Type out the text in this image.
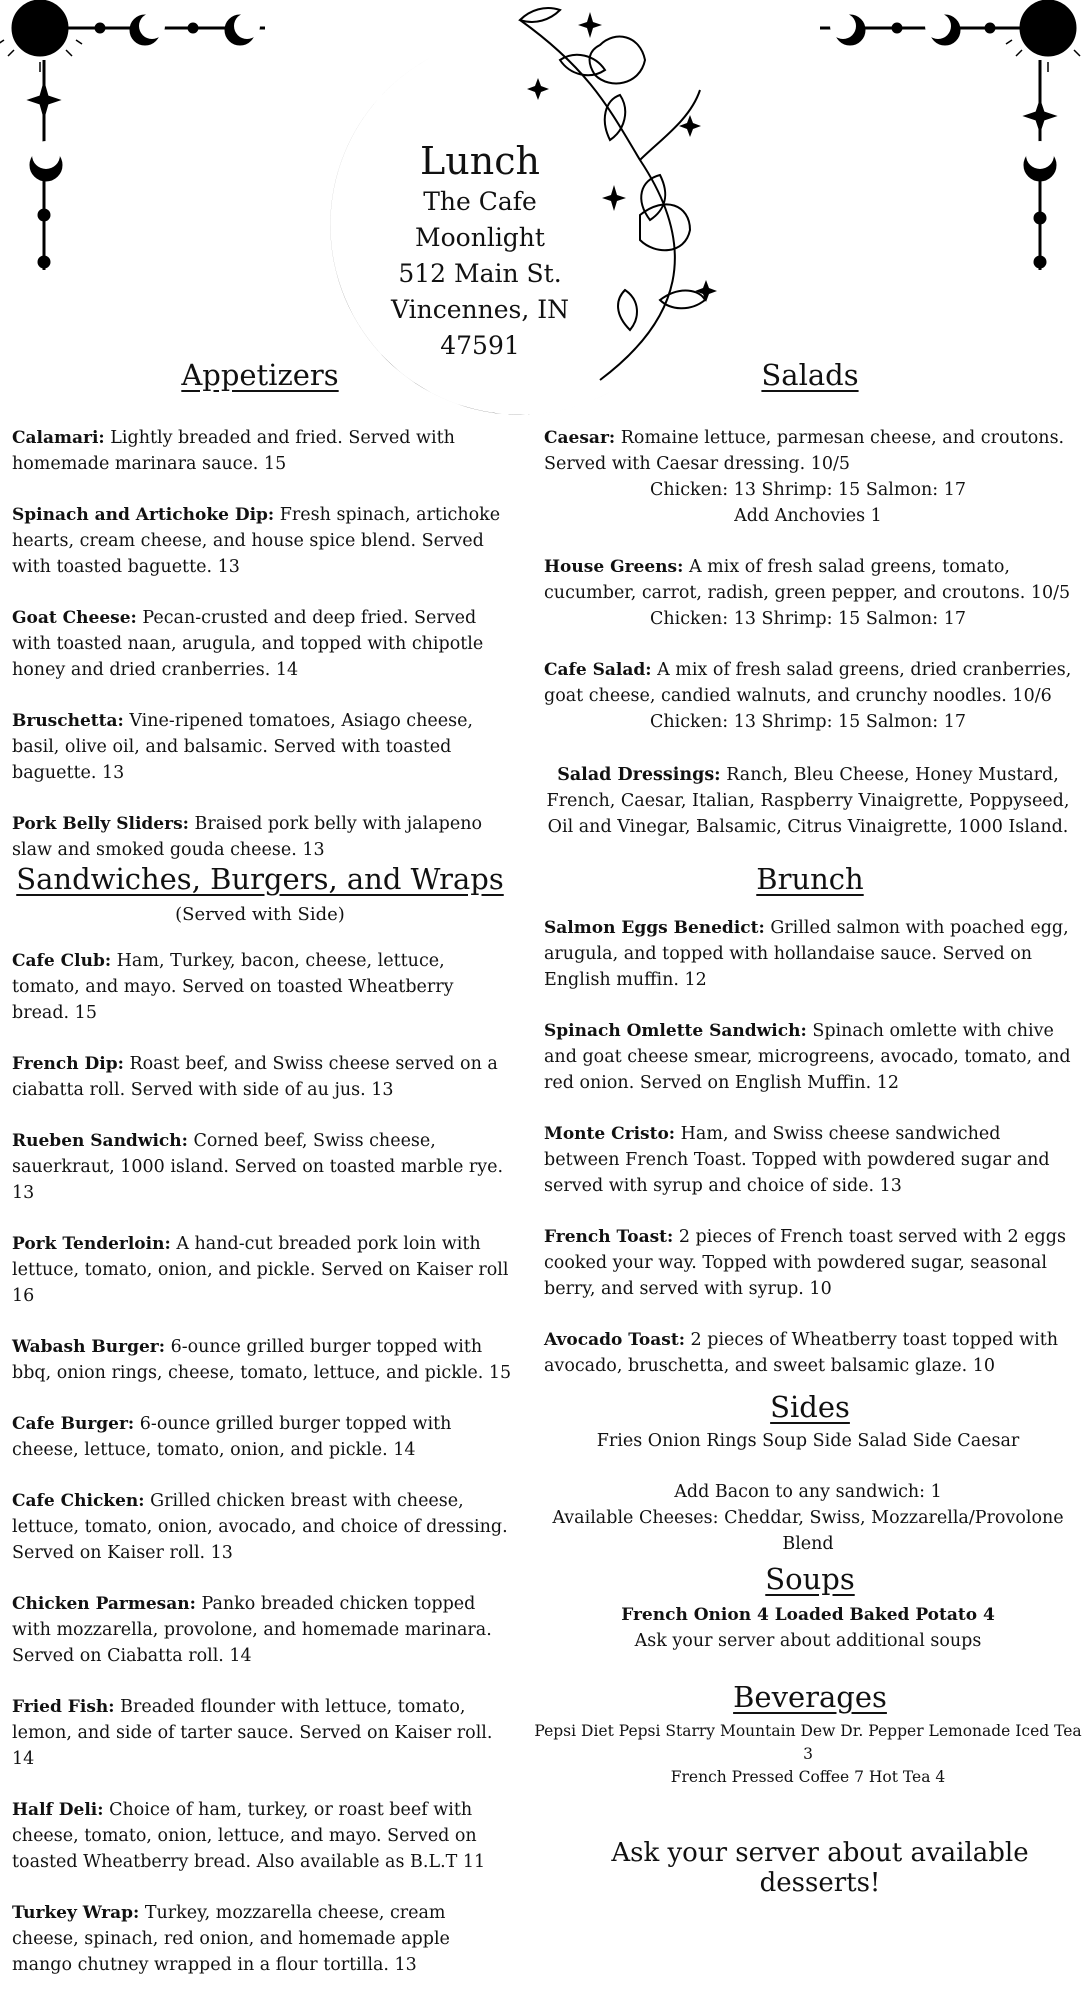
Lunch
The Cafe Moonlight
512 Main St.
Vincennes, IN
47591
Appetizers	Salads
Calamari: Lightly breaded and fried. Served with homemade marinara sauce. 15
Spinach and Artichoke Dip: Fresh spinach, artichoke hearts, cream cheese, and house spice blend. Served with toasted baguette. 13
Goat Cheese: Pecan-crusted and deep fried. Served with toasted naan, arugula, and topped with chipotle honey and dried cranberries. 14
Bruschetta: Vine-ripened tomatoes, Asiago cheese, basil, olive oil, and balsamic. Served with toasted baguette. 13
Pork Belly Sliders: Braised pork belly with jalapeno slaw and smoked gouda cheese. 13
Sandwiches, Burgers, and Wraps
(Served with Side)
Cafe Club: Ham, Turkey, bacon, cheese, lettuce, tomato, and mayo. Served on toasted Wheatberry bread. 15
French Dip: Roast beef, and Swiss cheese served on a ciabatta roll. Served with side of au jus. 13
Rueben Sandwich: Corned beef, Swiss cheese, sauerkraut, 1000 island. Served on toasted marble rye. 13
Pork Tenderloin: A hand-cut breaded pork loin with lettuce, tomato, onion, and pickle. Served on Kaiser roll 16
Wabash Burger: 6-ounce grilled burger topped with bbq, onion rings, cheese, tomato, lettuce, and pickle. 15
Cafe Burger: 6-ounce grilled burger topped with cheese, lettuce, tomato, onion, and pickle. 14
Cafe Chicken: Grilled chicken breast with cheese, lettuce, tomato, onion, avocado, and choice of dressing. Served on Kaiser roll. 13
Chicken Parmesan: Panko breaded chicken topped with mozzarella, provolone, and homemade marinara. Served on Ciabatta roll. 14
Fried Fish: Breaded flounder with lettuce, tomato, lemon, and side of tarter sauce. Served on Kaiser roll. 14
Half Deli: Choice of ham, turkey, or roast beef with cheese, tomato, onion, lettuce, and mayo. Served on toasted Wheatberry bread. Also available as B.L.T 11
Turkey Wrap: Turkey, mozzarella cheese, cream cheese, spinach, red onion, and homemade apple mango chutney wrapped in a flour tortilla. 13
Caesar: Romaine lettuce, parmesan cheese, and croutons. Served with Caesar dressing. 10/5
Chicken: 13 Shrimp: 15 Salmon: 17
Add Anchovies 1
House Greens: A mix of fresh salad greens, tomato, cucumber, carrot, radish, green pepper, and croutons. 10/5
Chicken: 13 Shrimp: 15 Salmon: 17
Cafe Salad: A mix of fresh salad greens, dried cranberries, goat cheese, candied walnuts, and crunchy noodles. 10/6
Chicken: 13 Shrimp: 15 Salmon: 17
Salad Dressings: Ranch, Bleu Cheese, Honey Mustard, French, Caesar, Italian, Raspberry Vinaigrette, Poppyseed, Oil and Vinegar, Balsamic, Citrus Vinaigrette, 1000 Island.
Brunch
Salmon Eggs Benedict: Grilled salmon with poached egg, arugula, and topped with hollandaise sauce. Served on English muffin. 12
Spinach Omlette Sandwich: Spinach omlette with chive and goat cheese smear, microgreens, avocado, tomato, and red onion. Served on English Muffin. 12
Monte Cristo: Ham, and Swiss cheese sandwiched between French Toast. Topped with powdered sugar and served with syrup and choice of side. 13
French Toast: 2 pieces of French toast served with 2 eggs cooked your way. Topped with powdered sugar, seasonal berry, and served with syrup. 10
Avocado Toast: 2 pieces of Wheatberry toast topped with avocado, bruschetta, and sweet balsamic glaze. 10
Sides
Fries Onion Rings Soup Side Salad Side Caesar
Add Bacon to any sandwich: 1
Available Cheeses: Cheddar, Swiss, Mozzarella/Provolone Blend
Soups
French Onion 4 Loaded Baked Potato 4
Ask your server about additional soups
Beverages
Pepsi Diet Pepsi Starry Mountain Dew Dr. Pepper Lemonade Iced Tea 3
French Pressed Coffee 7 Hot Tea 4
Ask your server about available desserts!
